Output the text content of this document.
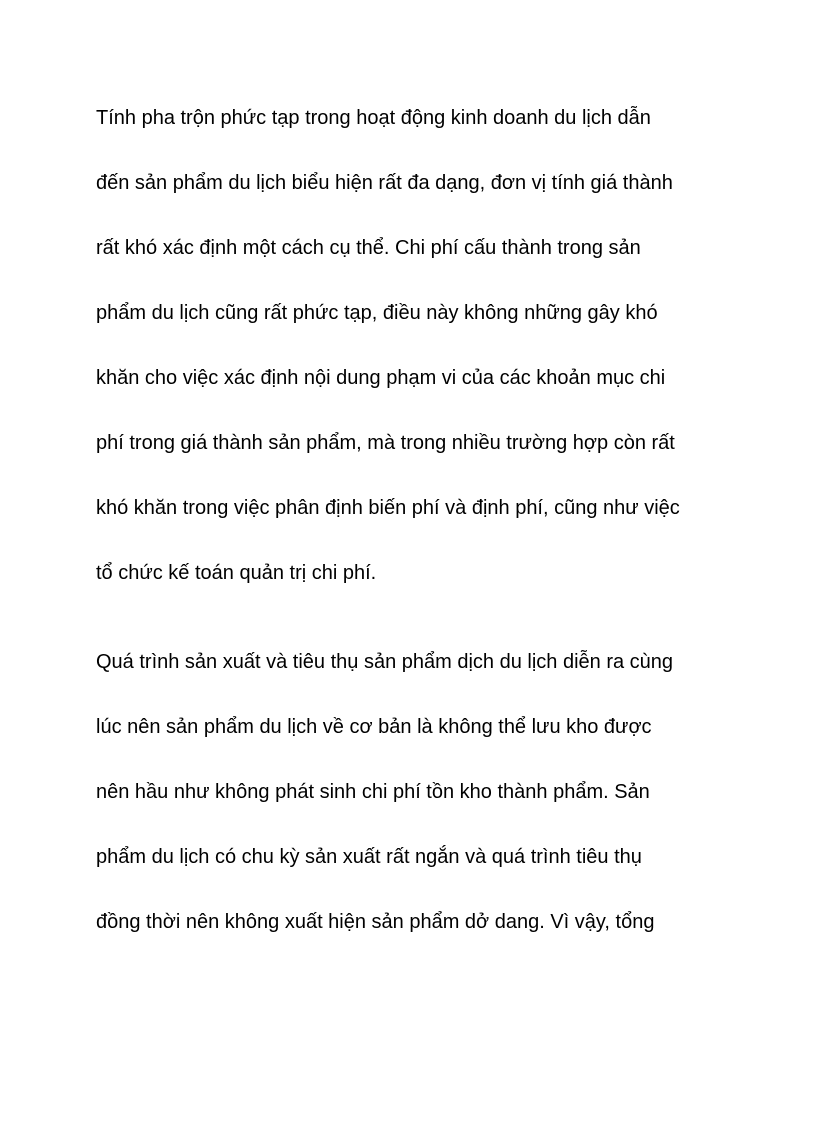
Tính pha trộn phức tạp trong hoạt động kinh doanh du lịch dẫn
đến sản phẩm du lịch biểu hiện rất đa dạng, đơn vị tính giá thành
rất khó xác định một cách cụ thể. Chi phí cấu thành trong sản
phẩm du lịch cũng rất phức tạp, điều này không những gây khó
khăn cho việc xác định nội dung phạm vi của các khoản mục chi
phí trong giá thành sản phẩm, mà trong nhiều trường hợp còn rất
khó khăn trong việc phân định biến phí và định phí, cũng như việc
tổ chức kế toán quản trị chi phí.
Quá trình sản xuất và tiêu thụ sản phẩm dịch du lịch diễn ra cùng
lúc nên sản phẩm du lịch về cơ bản là không thể lưu kho được
nên hầu như không phát sinh chi phí tồn kho thành phẩm. Sản
phẩm du lịch có chu kỳ sản xuất rất ngắn và quá trình tiêu thụ
đồng thời nên không xuất hiện sản phẩm dở dang. Vì vậy, tổng
